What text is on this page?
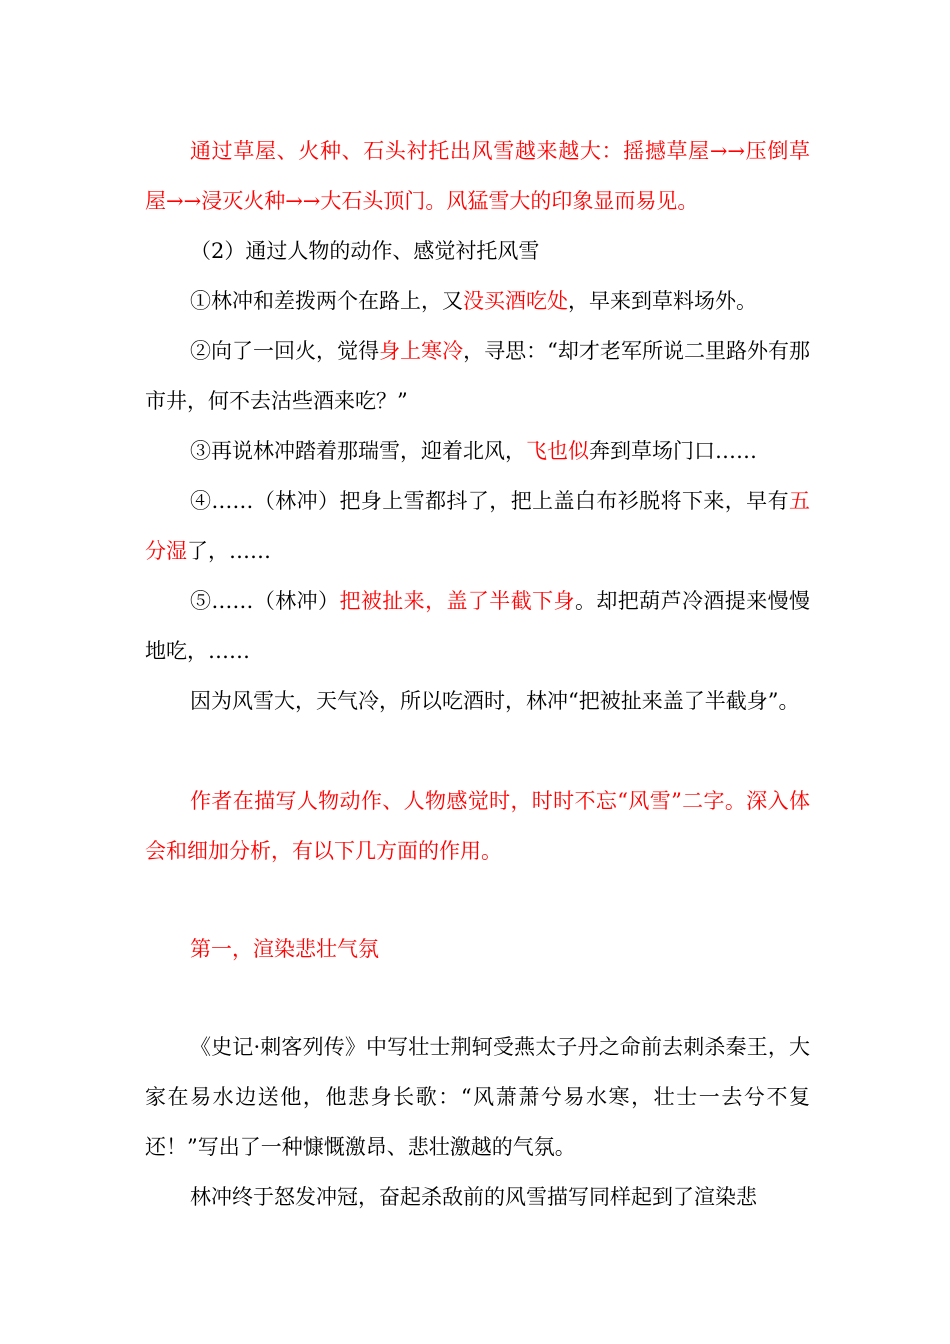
通过草屋、火种、石头衬托出风雪越来越大：摇撼草屋→→压倒草屋→→浸灭火种→→大石头顶门。风猛雪大的印象显而易见。

（2）通过人物的动作、感觉衬托风雪

①林冲和差拨两个在路上，又没买酒吃处，早来到草料场外。

②向了一回火，觉得身上寒冷，寻思：“却才老军所说二里路外有那市井，何不去沽些酒来吃？”

③再说林冲踏着那瑞雪，迎着北风，飞也似奔到草场门口……

④……（林冲）把身上雪都抖了，把上盖白布衫脱将下来，早有五分湿了，……

⑤……（林冲）把被扯来，盖了半截下身。却把葫芦冷酒提来慢慢地吃，……

因为风雪大，天气冷，所以吃酒时，林冲“把被扯来盖了半截身”。

作者在描写人物动作、人物感觉时，时时不忘“风雪”二字。深入体会和细加分析，有以下几方面的作用。

第一，渲染悲壮气氛

《史记·刺客列传》中写壮士荆轲受燕太子丹之命前去刺杀秦王，大家在易水边送他，他悲身长歌：“风萧萧兮易水寒，壮士一去兮不复还！”写出了一种慷慨激昂、悲壮激越的气氛。

林冲终于怒发冲冠，奋起杀敌前的风雪描写同样起到了渲染悲
